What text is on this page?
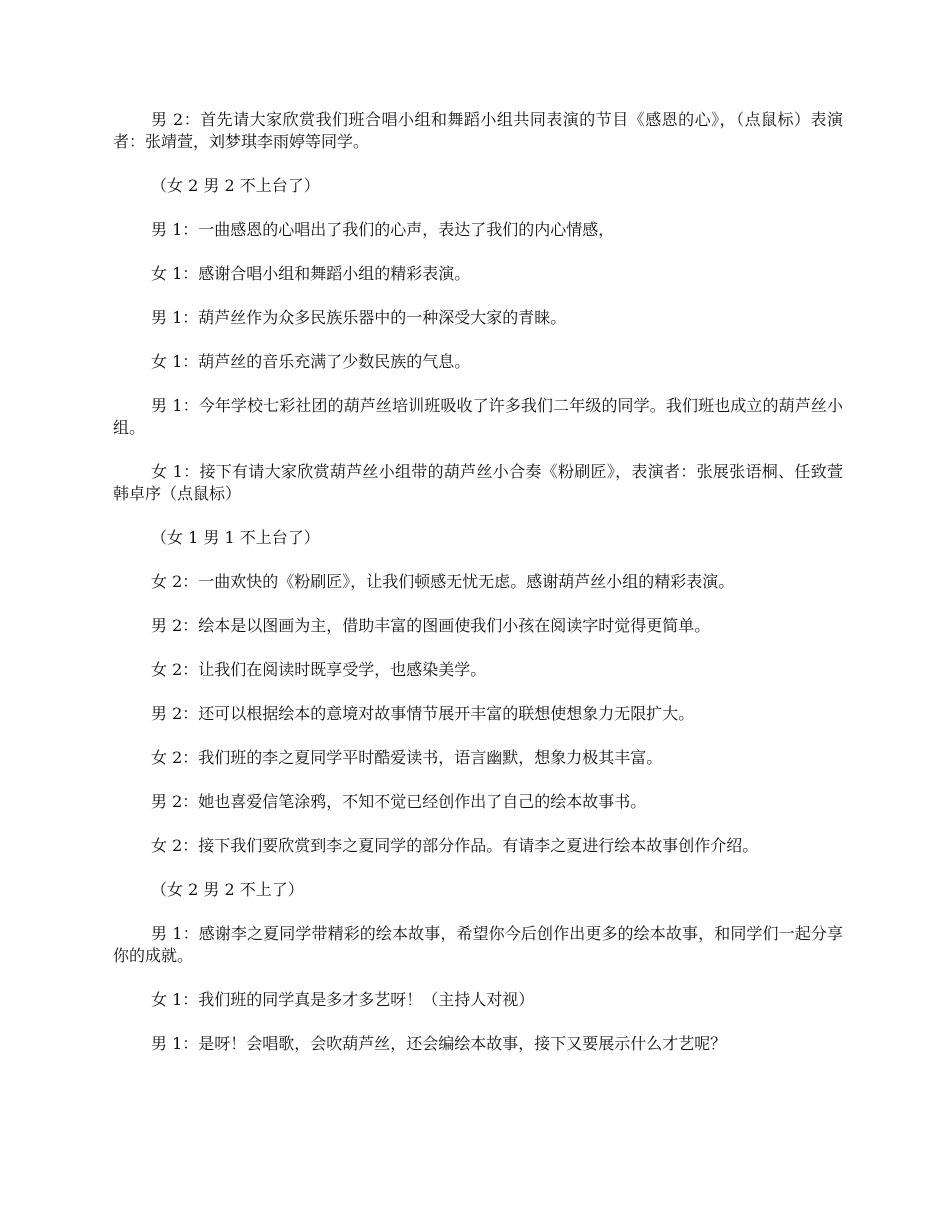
男 2：首先请大家欣赏我们班合唱小组和舞蹈小组共同表演的节目《感恩的心》，（点鼠标）表演者：张靖萱，刘梦琪李雨婷等同学。

（女 2 男 2 不上台了）

男 1：一曲感恩的心唱出了我们的心声，表达了我们的内心情感，

女 1：感谢合唱小组和舞蹈小组的精彩表演。

男 1：葫芦丝作为众多民族乐器中的一种深受大家的青睐。

女 1：葫芦丝的音乐充满了少数民族的气息。

男 1：今年学校七彩社团的葫芦丝培训班吸收了许多我们二年级的同学。我们班也成立的葫芦丝小组。

女 1：接下有请大家欣赏葫芦丝小组带的葫芦丝小合奏《粉刷匠》，表演者：张展张语桐、任致萱韩卓序（点鼠标）

（女 1 男 1 不上台了）

女 2：一曲欢快的《粉刷匠》，让我们顿感无忧无虑。感谢葫芦丝小组的精彩表演。

男 2：绘本是以图画为主，借助丰富的图画使我们小孩在阅读字时觉得更简单。

女 2：让我们在阅读时既享受学，也感染美学。

男 2：还可以根据绘本的意境对故事情节展开丰富的联想使想象力无限扩大。

女 2：我们班的李之夏同学平时酷爱读书，语言幽默，想象力极其丰富。

男 2：她也喜爱信笔涂鸦，不知不觉已经创作出了自己的绘本故事书。

女 2：接下我们要欣赏到李之夏同学的部分作品。有请李之夏进行绘本故事创作介绍。

（女 2 男 2 不上了）

男 1：感谢李之夏同学带精彩的绘本故事，希望你今后创作出更多的绘本故事，和同学们一起分享你的成就。

女 1：我们班的同学真是多才多艺呀！（主持人对视）

男 1：是呀！会唱歌，会吹葫芦丝，还会编绘本故事，接下又要展示什么才艺呢？
